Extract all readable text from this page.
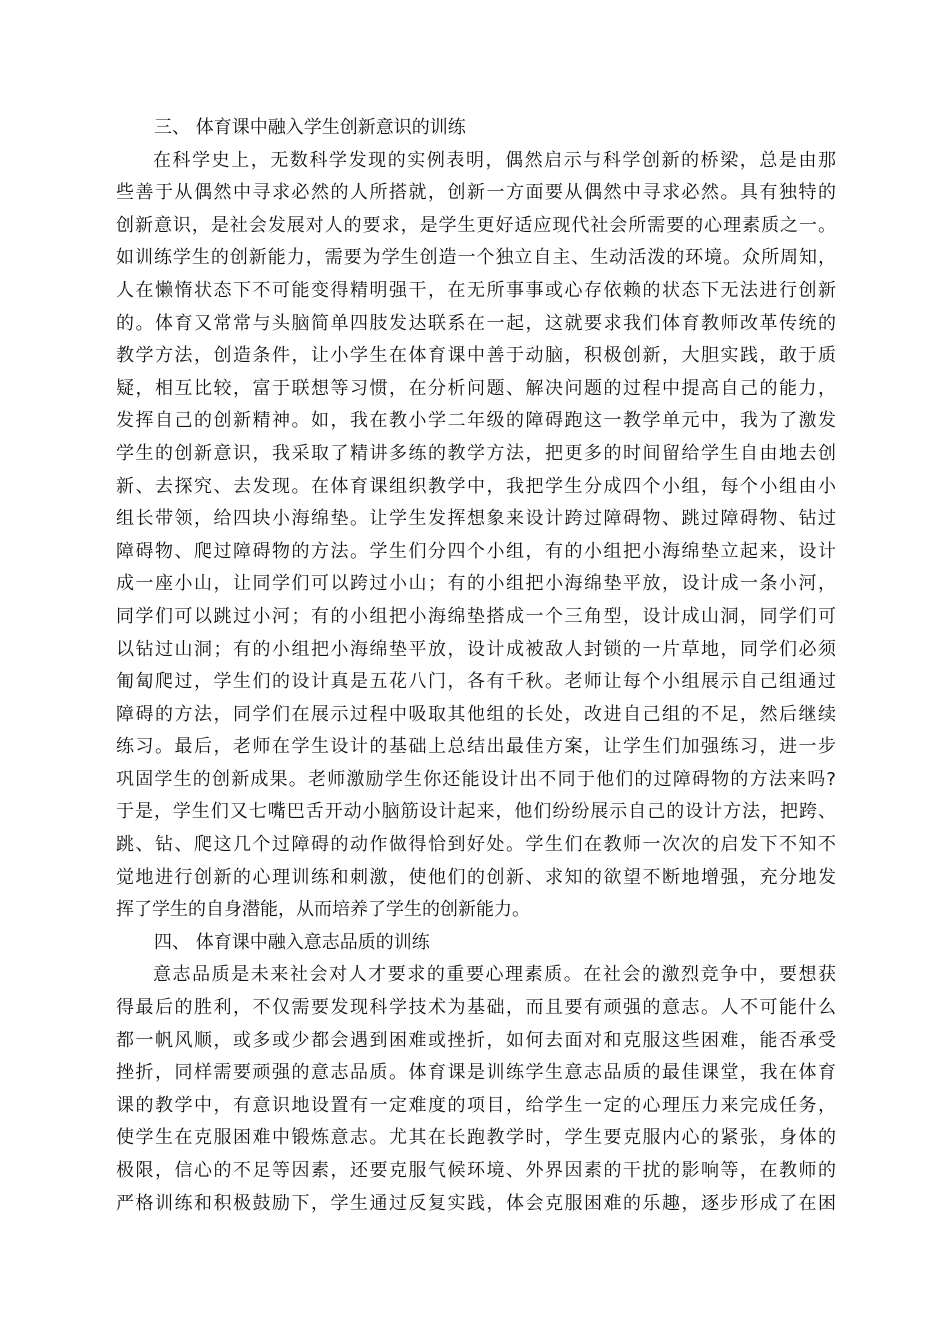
三、 体育课中融入学生创新意识的训练
在科学史上，无数科学发现的实例表明，偶然启示与科学创新的桥梁，总是由那
些善于从偶然中寻求必然的人所搭就，创新一方面要从偶然中寻求必然。具有独特的
创新意识，是社会发展对人的要求，是学生更好适应现代社会所需要的心理素质之一。
如训练学生的创新能力，需要为学生创造一个独立自主、生动活泼的环境。众所周知，
人在懒惰状态下不可能变得精明强干，在无所事事或心存依赖的状态下无法进行创新
的。体育又常常与头脑简单四肢发达联系在一起，这就要求我们体育教师改革传统的
教学方法，创造条件，让小学生在体育课中善于动脑，积极创新，大胆实践，敢于质
疑，相互比较，富于联想等习惯，在分析问题、解决问题的过程中提高自己的能力，
发挥自己的创新精神。如，我在教小学二年级的障碍跑这一教学单元中，我为了激发
学生的创新意识，我采取了精讲多练的教学方法，把更多的时间留给学生自由地去创
新、去探究、去发现。在体育课组织教学中，我把学生分成四个小组，每个小组由小
组长带领，给四块小海绵垫。让学生发挥想象来设计跨过障碍物、跳过障碍物、钻过
障碍物、爬过障碍物的方法。学生们分四个小组，有的小组把小海绵垫立起来，设计
成一座小山，让同学们可以跨过小山；有的小组把小海绵垫平放，设计成一条小河，
同学们可以跳过小河；有的小组把小海绵垫搭成一个三角型，设计成山洞，同学们可
以钻过山洞；有的小组把小海绵垫平放，设计成被敌人封锁的一片草地，同学们必须
匍匐爬过，学生们的设计真是五花八门，各有千秋。老师让每个小组展示自己组通过
障碍的方法，同学们在展示过程中吸取其他组的长处，改进自己组的不足，然后继续
练习。最后，老师在学生设计的基础上总结出最佳方案，让学生们加强练习，进一步
巩固学生的创新成果。老师激励学生你还能设计出不同于他们的过障碍物的方法来吗?
于是，学生们又七嘴巴舌开动小脑筋设计起来，他们纷纷展示自己的设计方法，把跨、
跳、钻、爬这几个过障碍的动作做得恰到好处。学生们在教师一次次的启发下不知不
觉地进行创新的心理训练和刺激，使他们的创新、求知的欲望不断地增强，充分地发
挥了学生的自身潜能，从而培养了学生的创新能力。
四、 体育课中融入意志品质的训练
意志品质是未来社会对人才要求的重要心理素质。在社会的激烈竞争中，要想获
得最后的胜利，不仅需要发现科学技术为基础，而且要有顽强的意志。人不可能什么
都一帆风顺，或多或少都会遇到困难或挫折，如何去面对和克服这些困难，能否承受
挫折，同样需要顽强的意志品质。体育课是训练学生意志品质的最佳课堂，我在体育
课的教学中，有意识地设置有一定难度的项目，给学生一定的心理压力来完成任务，
使学生在克服困难中锻炼意志。尤其在长跑教学时，学生要克服内心的紧张，身体的
极限，信心的不足等因素，还要克服气候环境、外界因素的干扰的影响等，在教师的
严格训练和积极鼓励下，学生通过反复实践，体会克服困难的乐趣，逐步形成了在困
